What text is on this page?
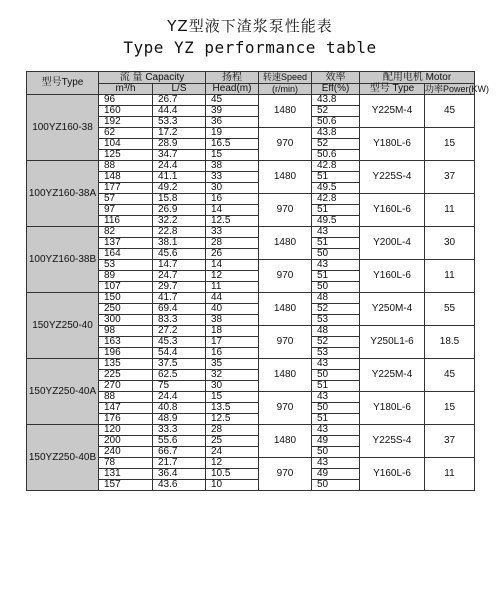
YZ型液下渣浆泵性能表
Type YZ performance table
型号Type	流 量 Capacity		扬程	转速Speed	效率	配用电机 Motor	
	m³/h	L/S	Head(m)	(r/min)	Eff(%)	型号 Type	功率Power(KW)
100YZ160-38	96	26.7	45	1480	43.8	Y225M-4	45
	160	44.4	39		52		
	192	53.3	36		50.6		
	62	17.2	19	970	43.8	Y180L-6	15
	104	28.9	16.5		52		
	125	34.7	15		50.6		
100YZ160-38A	88	24.4	38	1480	42.8	Y225S-4	37
	148	41.1	33		51		
	177	49.2	30		49.5		
	57	15.8	16	970	42.8	Y160L-6	11
	97	26.9	14		51		
	116	32.2	12.5		49.5		
100YZ160-38B	82	22.8	33	1480	43	Y200L-4	30
	137	38.1	28		51		
	164	45.6	26		50		
	53	14.7	14	970	43	Y160L-6	11
	89	24.7	12		51		
	107	29.7	11		50		
150YZ250-40	150	41.7	44	1480	48	Y250M-4	55
	250	69.4	40		52		
	300	83.3	38		53		
	98	27.2	18	970	48	Y250L1-6	18.5
	163	45.3	17		52		
	196	54.4	16		53		
150YZ250-40A	135	37.5	35	1480	43	Y225M-4	45
	225	62.5	32		50		
	270	75	30		51		
	88	24.4	15	970	43	Y180L-6	15
	147	40.8	13.5		50		
	176	48.9	12.5		51		
150YZ250-40B	120	33.3	28	1480	43	Y225S-4	37
	200	55.6	25		49		
	240	66.7	24		50		
	78	21.7	12	970	43	Y160L-6	11
	131	36.4	10.5		49		
	157	43.6	10		50		
